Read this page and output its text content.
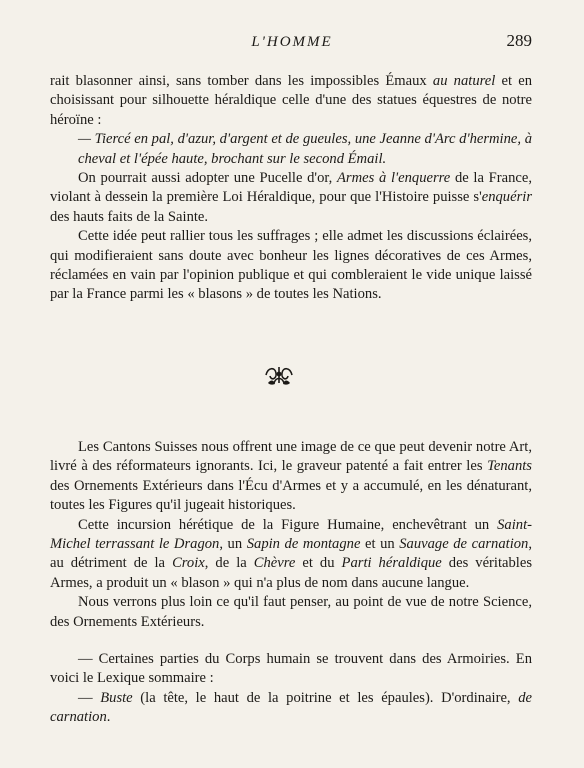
L'HOMME	289

rait blasonner ainsi, sans tomber dans les impossibles Émaux au naturel et en choisissant pour silhouette héraldique celle d'une des statues équestres de notre héroïne :

— Tiercé en pal, d'azur, d'argent et de gueules, une Jeanne d'Arc d'hermine, à cheval et l'épée haute, brochant sur le second Émail.

On pourrait aussi adopter une Pucelle d'or, Armes à l'enquerre de la France, violant à dessein la première Loi Héraldique, pour que l'Histoire puisse s'enquérir des hauts faits de la Sainte.

Cette idée peut rallier tous les suffrages ; elle admet les discussions éclairées, qui modifieraient sans doute avec bonheur les lignes décoratives de ces Armes, réclamées en vain par l'opinion publique et qui combleraient le vide unique laissé par la France parmi les « blasons » de toutes les Nations.

Les Cantons Suisses nous offrent une image de ce que peut devenir notre Art, livré à des réformateurs ignorants. Ici, le graveur patenté a fait entrer les Tenants des Ornements Extérieurs dans l'Écu d'Armes et y a accumulé, en les dénaturant, toutes les Figures qu'il jugeait historiques.

Cette incursion hérétique de la Figure Humaine, enchevêtrant un Saint-Michel terrassant le Dragon, un Sapin de montagne et un Sauvage de carnation, au détriment de la Croix, de la Chèvre et du Parti héraldique des véritables Armes, a produit un « blason » qui n'a plus de nom dans aucune langue.

Nous verrons plus loin ce qu'il faut penser, au point de vue de notre Science, des Ornements Extérieurs.

— Certaines parties du Corps humain se trouvent dans des Armoiries. En voici le Lexique sommaire :

— Buste (la tête, le haut de la poitrine et les épaules). D'ordinaire, de carnation.
